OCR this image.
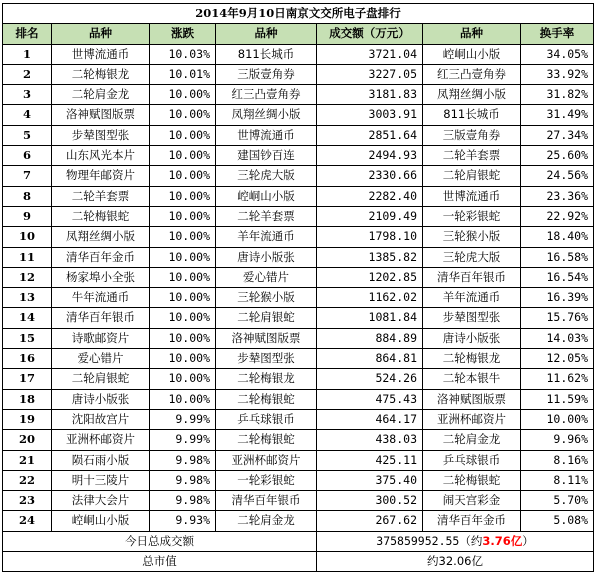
2014年9月10日南京文交所电子盘排行						
排名	品种	涨跌	品种	成交额（万元）	品种	换手率
1	世博流通币	10.03%	811长城币	3721.04	崆峒山小版	34.05%
2	二轮梅银龙	10.01%	三版壹角券	3227.05	红三凸壹角券	33.92%
3	二轮肩金龙	10.00%	红三凸壹角券	3181.83	凤翔丝绸小版	31.82%
4	洛神赋图版票	10.00%	凤翔丝绸小版	3003.91	811长城币	31.49%
5	步辇图型张	10.00%	世博流通币	2851.64	三版壹角券	27.34%
6	山东风光本片	10.00%	建国钞百连	2494.93	二轮羊套票	25.60%
7	物理年邮资片	10.00%	三轮虎大版	2330.66	二轮肩银蛇	24.56%
8	二轮羊套票	10.00%	崆峒山小版	2282.40	世博流通币	23.36%
9	二轮梅银蛇	10.00%	二轮羊套票	2109.49	一轮彩银蛇	22.92%
10	凤翔丝绸小版	10.00%	羊年流通币	1798.10	三轮猴小版	18.40%
11	清华百年金币	10.00%	唐诗小版张	1385.82	三轮虎大版	16.58%
12	杨家埠小全张	10.00%	爱心错片	1202.85	清华百年银币	16.54%
13	牛年流通币	10.00%	三轮猴小版	1162.02	羊年流通币	16.39%
14	清华百年银币	10.00%	二轮肩银蛇	1081.84	步辇图型张	15.76%
15	诗歌邮资片	10.00%	洛神赋图版票	884.89	唐诗小版张	14.03%
16	爱心错片	10.00%	步辇图型张	864.81	二轮梅银龙	12.05%
17	二轮肩银蛇	10.00%	二轮梅银龙	524.26	二轮本银牛	11.62%
18	唐诗小版张	10.00%	二轮梅银蛇	475.43	洛神赋图版票	11.59%
19	沈阳故宫片	9.99%	乒乓球银币	464.17	亚洲杯邮资片	10.00%
20	亚洲杯邮资片	9.99%	二轮梅银蛇	438.03	二轮肩金龙	9.96%
21	陨石雨小版	9.98%	亚洲杯邮资片	425.11	乒乓球银币	8.16%
22	明十三陵片	9.98%	一轮彩银蛇	375.40	二轮梅银蛇	8.11%
23	法律大会片	9.98%	清华百年银币	300.52	闹天宫彩金	5.70%
24	崆峒山小版	9.93%	二轮肩金龙	267.62	清华百年金币	5.08%
今日总成交额				375859952.55（约3.76亿）		
总市值				约32.06亿		
